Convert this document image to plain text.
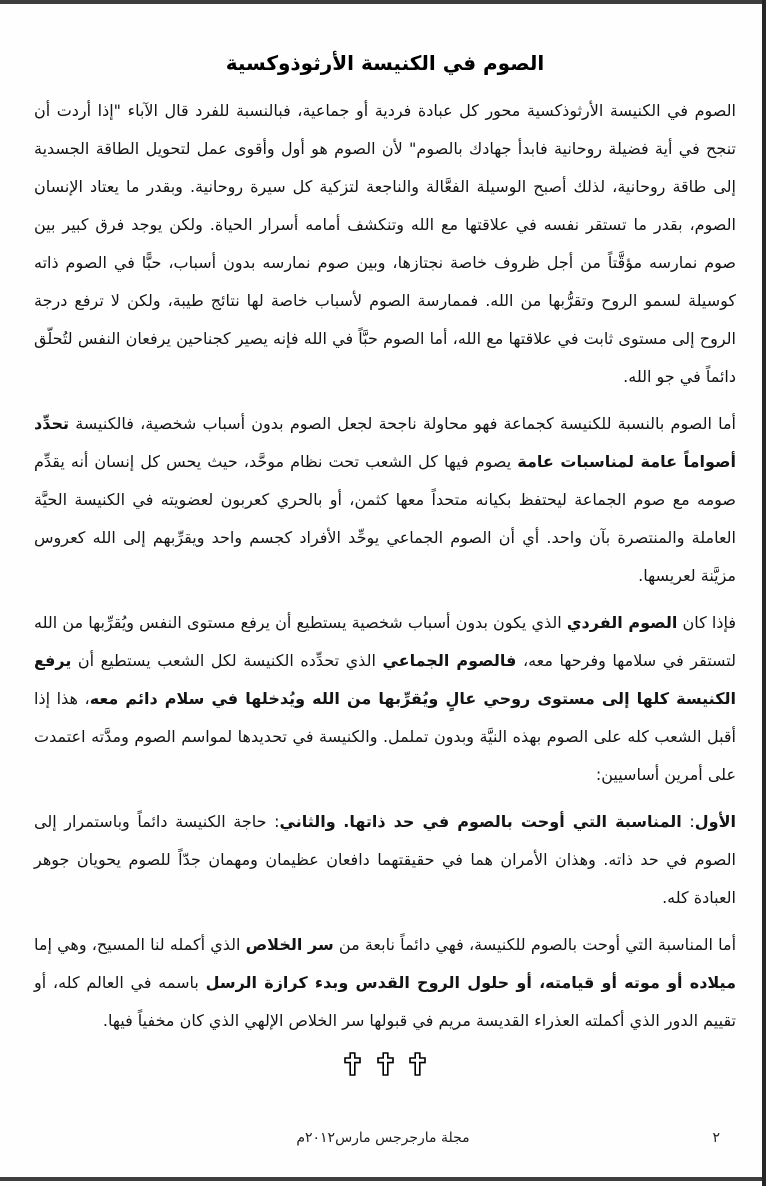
الصوم في الكنيسة الأرثوذوكسية

الصوم في الكنيسة الأرثوذكسية محور كل عبادة فردية أو جماعية، فبالنسبة للفرد قال الآباء "إذا أردت أن تنجح في أية فضيلة روحانية فابدأ جهادك بالصوم" لأن الصوم هو أول وأقوى عمل لتحويل الطاقة الجسدية إلى طاقة روحانية، لذلك أصبح الوسيلة الفعَّالة والناجعة لتزكية كل سيرة روحانية. وبقدر ما يعتاد الإنسان الصوم، بقدر ما تستقر نفسه في علاقتها مع الله وتنكشف أمامه أسرار الحياة. ولكن يوجد فرق كبير بين صوم نمارسه مؤقَّتاً من أجل ظروف خاصة نجتازها، وبين صوم نمارسه بدون أسباب، حبًّا في الصوم ذاته كوسيلة لسمو الروح وتقرُّبها من الله. فممارسة الصوم لأسباب خاصة لها نتائج طيبة، ولكن لا ترفع درجة الروح إلى مستوى ثابت في علاقتها مع الله، أما الصوم حبَّاً في الله فإنه يصير كجناحين يرفعان النفس لتُحلّق دائماً في جو الله.

أما الصوم بالنسبة للكنيسة كجماعة فهو محاولة ناجحة لجعل الصوم بدون أسباب شخصية، فالكنيسة تحدِّد أصواماً عامة لمناسبات عامة يصوم فيها كل الشعب تحت نظام موحَّد، حيث يحس كل إنسان أنه يقدِّم صومه مع صوم الجماعة ليحتفظ بكيانه متحداً معها كثمن، أو بالحري كعربون لعضويته في الكنيسة الحيَّة العاملة والمنتصرة بآن واحد. أي أن الصوم الجماعي يوحِّد الأفراد كجسم واحد ويقرِّبهم إلى الله كعروس مزيَّنة لعريسها.

فإذا كان الصوم الفردي الذي يكون بدون أسباب شخصية يستطيع أن يرفع مستوى النفس ويُقرِّبها من الله لتستقر في سلامها وفرحها معه، فالصوم الجماعي الذي تحدِّده الكنيسة لكل الشعب يستطيع أن يرفع الكنيسة كلها إلى مستوى روحي عالٍ ويُقرِّبها من الله ويُدخلها في سلام دائم معه، هذا إذا أقبل الشعب كله على الصوم بهذه النيَّة وبدون تململ. والكنيسة في تحديدها لمواسم الصوم ومدَّته اعتمدت على أمرين أساسيين:

الأول: المناسبة التي أوحت بالصوم في حد ذاتها. والثاني: حاجة الكنيسة دائماً وباستمرار إلى الصوم في حد ذاته. وهذان الأمران هما في حقيقتهما دافعان عظيمان ومهمان جدّاً للصوم يحويان جوهر العبادة كله.

أما المناسبة التي أوحت بالصوم للكنيسة، فهي دائماً نابعة من سر الخلاص الذي أكمله لنا المسيح، وهي إما ميلاده أو موته أو قيامته، أو حلول الروح القدس وبدء كرازة الرسل باسمه في العالم كله، أو تقييم الدور الذي أكملته العذراء القديسة مريم في قبولها سر الخلاص الإلهي الذي كان مخفياً فيها.

مجلة مارجرجس مارس٢٠١٢م	٢
